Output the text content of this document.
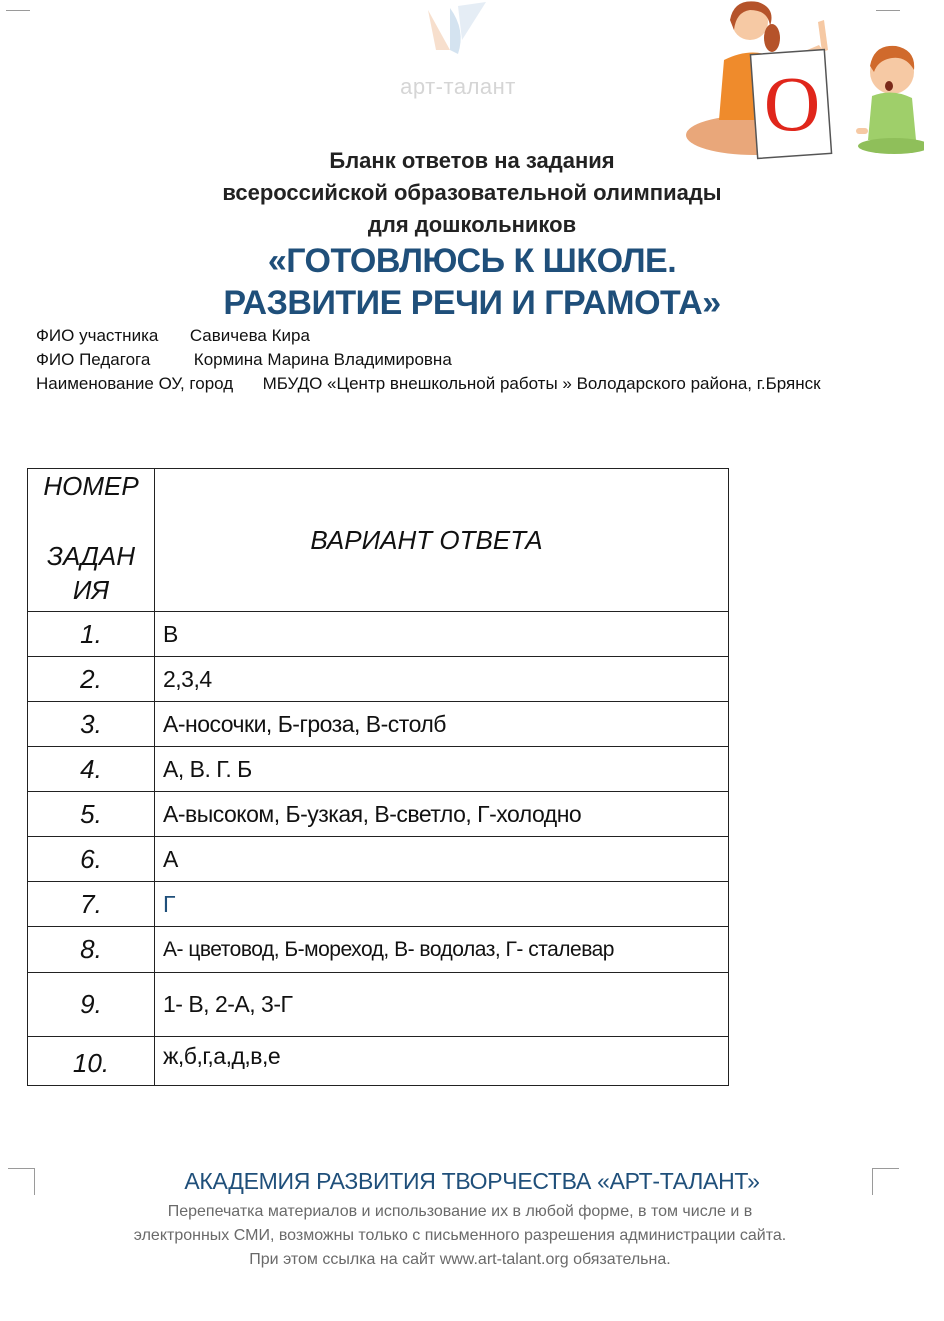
арт-талант	О
Бланк ответов на задания
всероссийской образовательной олимпиады
для дошкольников
«ГОТОВЛЮСЬ К ШКОЛЕ.
РАЗВИТИЕ РЕЧИ И ГРАМОТА»
ФИО участника Савичева Кира
ФИО Педагога	Кормина Марина Владимировна
Наименование ОУ, город МБУДО «Центр внешкольной работы » Володарского района, г.Брянск
НОМЕР
ЗАДАН
ИЯ	ВАРИАНТ ОТВЕТА
1.	В
2.	2,3,4
3.	А-носочки, Б-гроза, В-столб
4.	А, В. Г. Б
5.	А-высоком, Б-узкая, В-светло, Г-холодно
6.	А
7.	Г
8.	А- цветовод, Б-мореход, В- водолаз, Г- сталевар
9.	1- В, 2-А, 3-Г
10.	ж,б,г,а,д,в,е
АКАДЕМИЯ РАЗВИТИЯ ТВОРЧЕСТВА «АРТ-ТАЛАНТ»
Перепечатка материалов и использование их в любой форме, в том числе и в
электронных СМИ, возможны только с письменного разрешения администрации сайта.
При этом ссылка на сайт www.art-talant.org обязательна.
